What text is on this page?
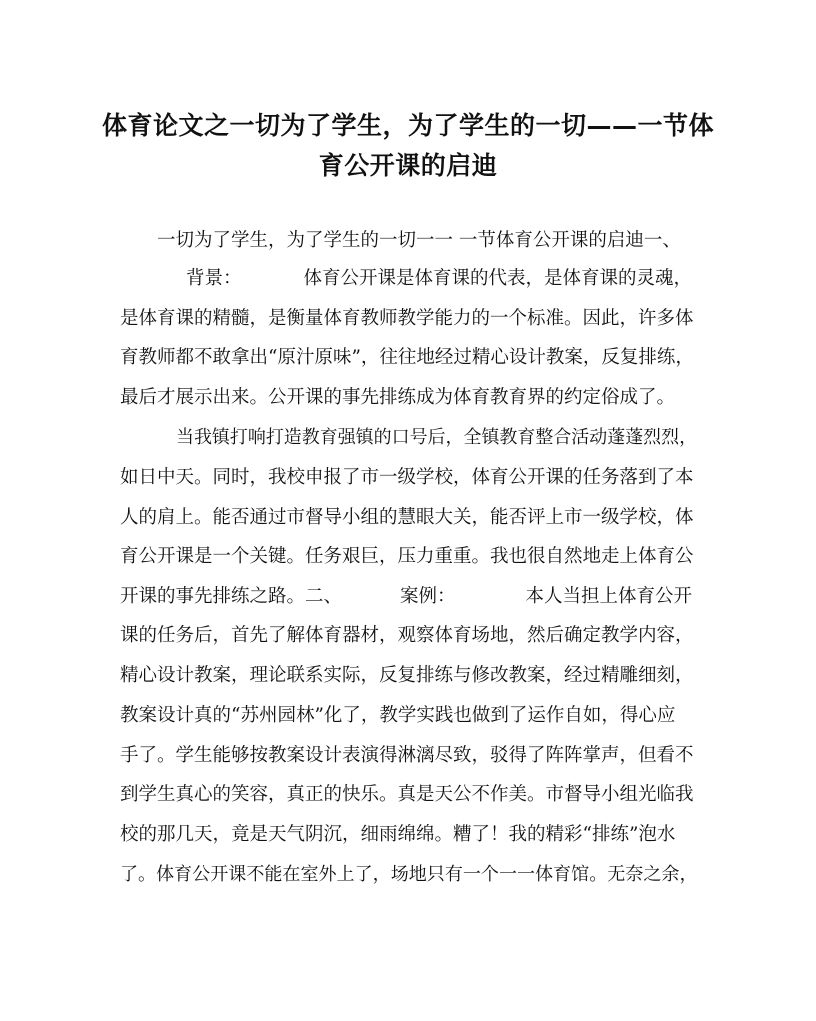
体育论文之一切为了学生，为了学生的一切——一节体
育公开课的启迪
一切为了学生，为了学生的一切一一 一节体育公开课的启迪一、
背景：	体育公开课是体育课的代表，是体育课的灵魂，
是体育课的精髓，是衡量体育教师教学能力的一个标准。因此，许多体
育教师都不敢拿出“原汁原味”，往往地经过精心设计教案，反复排练，
最后才展示出来。公开课的事先排练成为体育教育界的约定俗成了。
当我镇打响打造教育强镇的口号后，全镇教育整合活动蓬蓬烈烈，
如日中天。同时，我校申报了市一级学校，体育公开课的任务落到了本
人的肩上。能否通过市督导小组的慧眼大关，能否评上市一级学校，体
育公开课是一个关键。任务艰巨，压力重重。我也很自然地走上体育公
开课的事先排练之路。二、	案例：	本人当担上体育公开
课的任务后，首先了解体育器材，观察体育场地，然后确定教学内容，
精心设计教案，理论联系实际，反复排练与修改教案，经过精雕细刻，
教案设计真的“苏州园林”化了，教学实践也做到了运作自如，得心应
手了。学生能够按教案设计表演得淋漓尽致，驳得了阵阵掌声，但看不
到学生真心的笑容，真正的快乐。真是天公不作美。市督导小组光临我
校的那几天，竟是天气阴沉，细雨绵绵。糟了！我的精彩“排练”泡水
了。体育公开课不能在室外上了，场地只有一个一一体育馆。无奈之余，
